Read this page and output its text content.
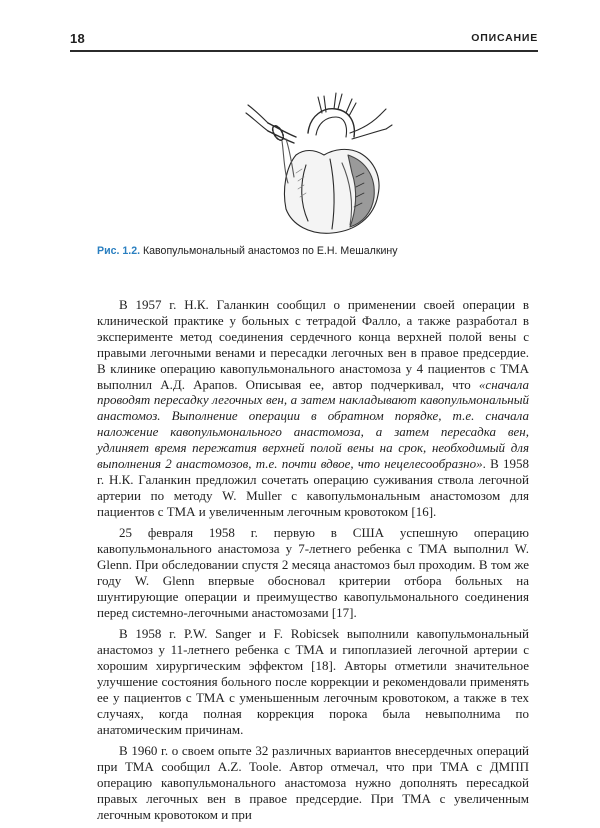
18	ОПИСАНИЕ
Рис. 1.2. Кавопульмональный анастомоз по Е.Н. Мешалкину

В 1957 г. Н.К. Галанкин сообщил о применении своей операции в клинической практике у больных с тетрадой Фалло, а также разработал в эксперименте метод соединения сердечного конца верхней полой вены с правыми легочными венами и пересадки легочных вен в правое предсердие. В клинике операцию кавопульмонального анастомоза у 4 пациентов с ТМА выполнил А.Д. Арапов. Описывая ее, автор подчеркивал, что «сначала проводят пересадку легочных вен, а затем накладывают кавопульмональный анастомоз. Выполнение операции в обратном порядке, т.е. сначала наложение кавопульмонального анастомоза, а затем пересадка вен, удлиняет время пережатия верхней полой вены на срок, необходимый для выполнения 2 анастомозов, т.е. почти вдвое, что нецелесообразно». В 1958 г. Н.К. Галанкин предложил сочетать операцию суживания ствола легочной артерии по методу W. Muller с кавопульмональным анастомозом для пациентов с ТМА и увеличенным легочным кровотоком [16].

25 февраля 1958 г. первую в США успешную операцию кавопульмонального анастомоза у 7-летнего ребенка с ТМА выполнил W. Glenn. При обследовании спустя 2 месяца анастомоз был проходим. В том же году W. Glenn впервые обосновал критерии отбора больных на шунтирующие операции и преимущество кавопульмонального соединения перед системно-легочными анастомозами [17].

В 1958 г. P.W. Sanger и F. Robicsek выполнили кавопульмональный анастомоз у 11-летнего ребенка с ТМА и гипоплазией легочной артерии с хорошим хирургическим эффектом [18]. Авторы отметили значительное улучшение состояния больного после коррекции и рекомендовали применять ее у пациентов с ТМА с уменьшенным легочным кровотоком, а также в тех случаях, когда полная коррекция порока была невыполнима по анатомическим причинам.

В 1960 г. о своем опыте 32 различных вариантов внесердечных операций при ТМА сообщил A.Z. Toole. Автор отмечал, что при ТМА с ДМПП операцию кавопульмонального анастомоза нужно дополнять пересадкой правых легочных вен в правое предсердие. При ТМА с увеличенным легочным кровотоком и при
